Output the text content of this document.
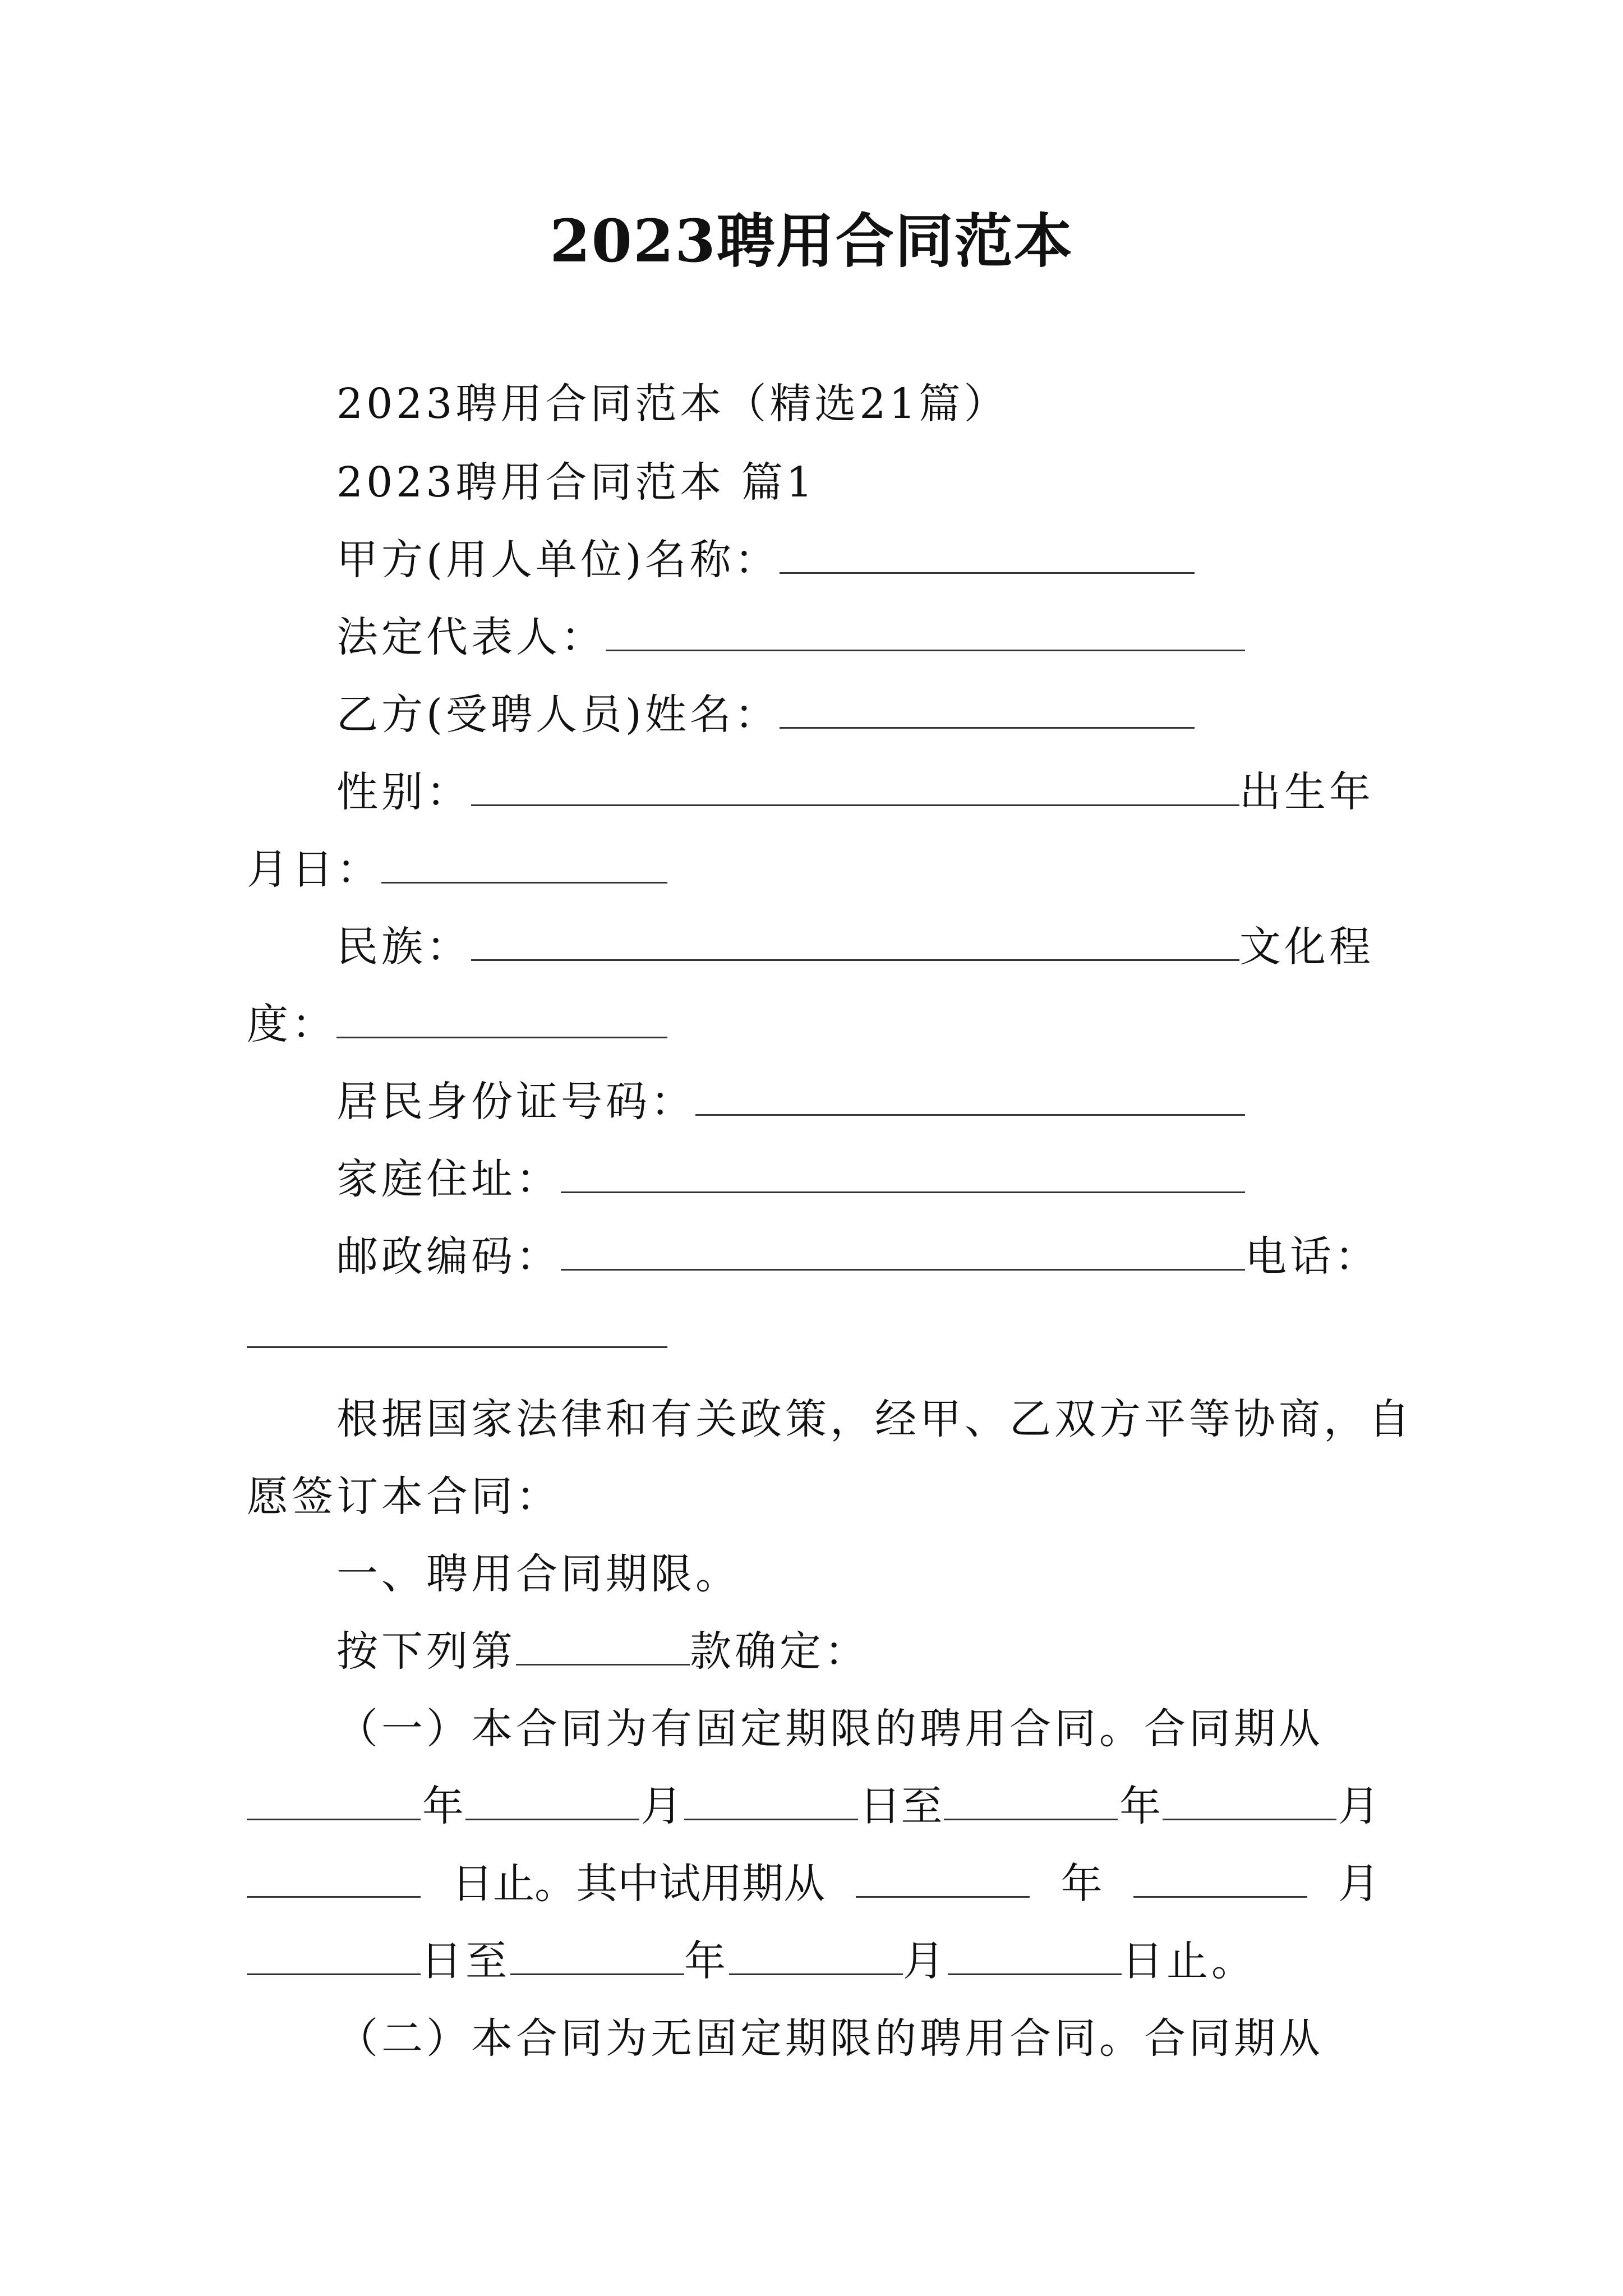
2023聘用合同范本
2023聘用合同范本（精选21篇）
2023聘用合同范本 篇1
甲方(用人单位)名称：
法定代表人：
乙方(受聘人员)姓名：
性别：	出生年
月日：
民族：	文化程
度：
居民身份证号码：
家庭住址：
邮政编码：	电话：
根据国家法律和有关政策，经甲、乙双方平等协商，自
愿签订本合同：
一、聘用合同期限。
按下列第	款确定：
（一）本合同为有固定期限的聘用合同。合同期从
年	月	日至	年	月
日止。其中试用期从	年	月
日至	年	月	日止。
（二）本合同为无固定期限的聘用合同。合同期从
